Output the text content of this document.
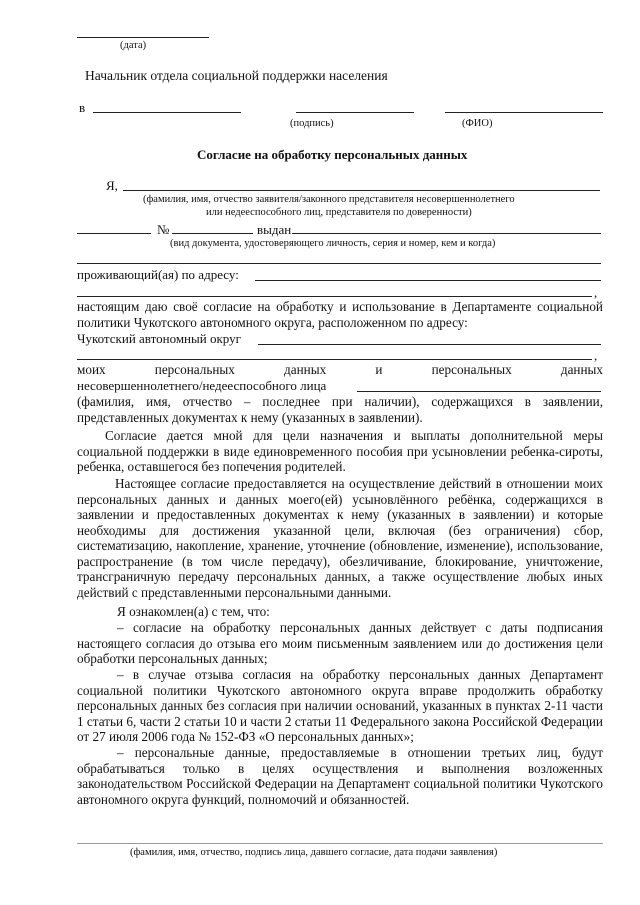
(дата)
Начальник отдела социальной поддержки населения
в
(подпись)	(ФИО)
Согласие на обработку персональных данных
Я,
(фамилия, имя, отчество заявителя/законного представителя несовершеннолетнего
или недееспособного лиц, представителя по доверенности)
№	выдан
(вид документа, удостоверяющего личность, серия и номер, кем и когда)
проживающий(ая) по адресу:
,
настоящим даю своё согласие на обработку и использование в Департаменте социальной политики Чукотского автономного округа, расположенном по адресу:
Чукотский автономный округ
,
моих персональных данных и персональных данных
несовершеннолетнего/недееспособного лица
(фамилия, имя, отчество – последнее при наличии), содержащихся в заявлении, представленных документах к нему (указанных в заявлении).
Согласие дается мной для цели назначения и выплаты дополнительной меры социальной поддержки в виде единовременного пособия при усыновлении ребенка-сироты, ребенка, оставшегося без попечения родителей.
Настоящее согласие предоставляется на осуществление действий в отношении моих персональных данных и данных моего(ей) усыновлённого ребёнка, содержащихся в заявлении и предоставленных документах к нему (указанных в заявлении) и которые необходимы для достижения указанной цели, включая (без ограничения) сбор, систематизацию, накопление, хранение, уточнение (обновление, изменение), использование, распространение (в том числе передачу), обезличивание, блокирование, уничтожение, трансграничную передачу персональных данных, а также осуществление любых иных действий с представленными персональными данными.
Я ознакомлен(а) с тем, что:
– согласие на обработку персональных данных действует с даты подписания настоящего согласия до отзыва его моим письменным заявлением или до достижения цели обработки персональных данных;
– в случае отзыва согласия на обработку персональных данных Департамент социальной политики Чукотского автономного округа вправе продолжить обработку персональных данных без согласия при наличии оснований, указанных в пунктах 2-11 части 1 статьи 6, части 2 статьи 10 и части 2 статьи 11 Федерального закона Российской Федерации от 27 июля 2006 года № 152-ФЗ «О персональных данных»;
– персональные данные, предоставляемые в отношении третьих лиц, будут обрабатываться только в целях осуществления и выполнения возложенных законодательством Российской Федерации на Департамент социальной политики Чукотского автономного округа функций, полномочий и обязанностей.
(фамилия, имя, отчество, подпись лица, давшего согласие, дата подачи заявления)
